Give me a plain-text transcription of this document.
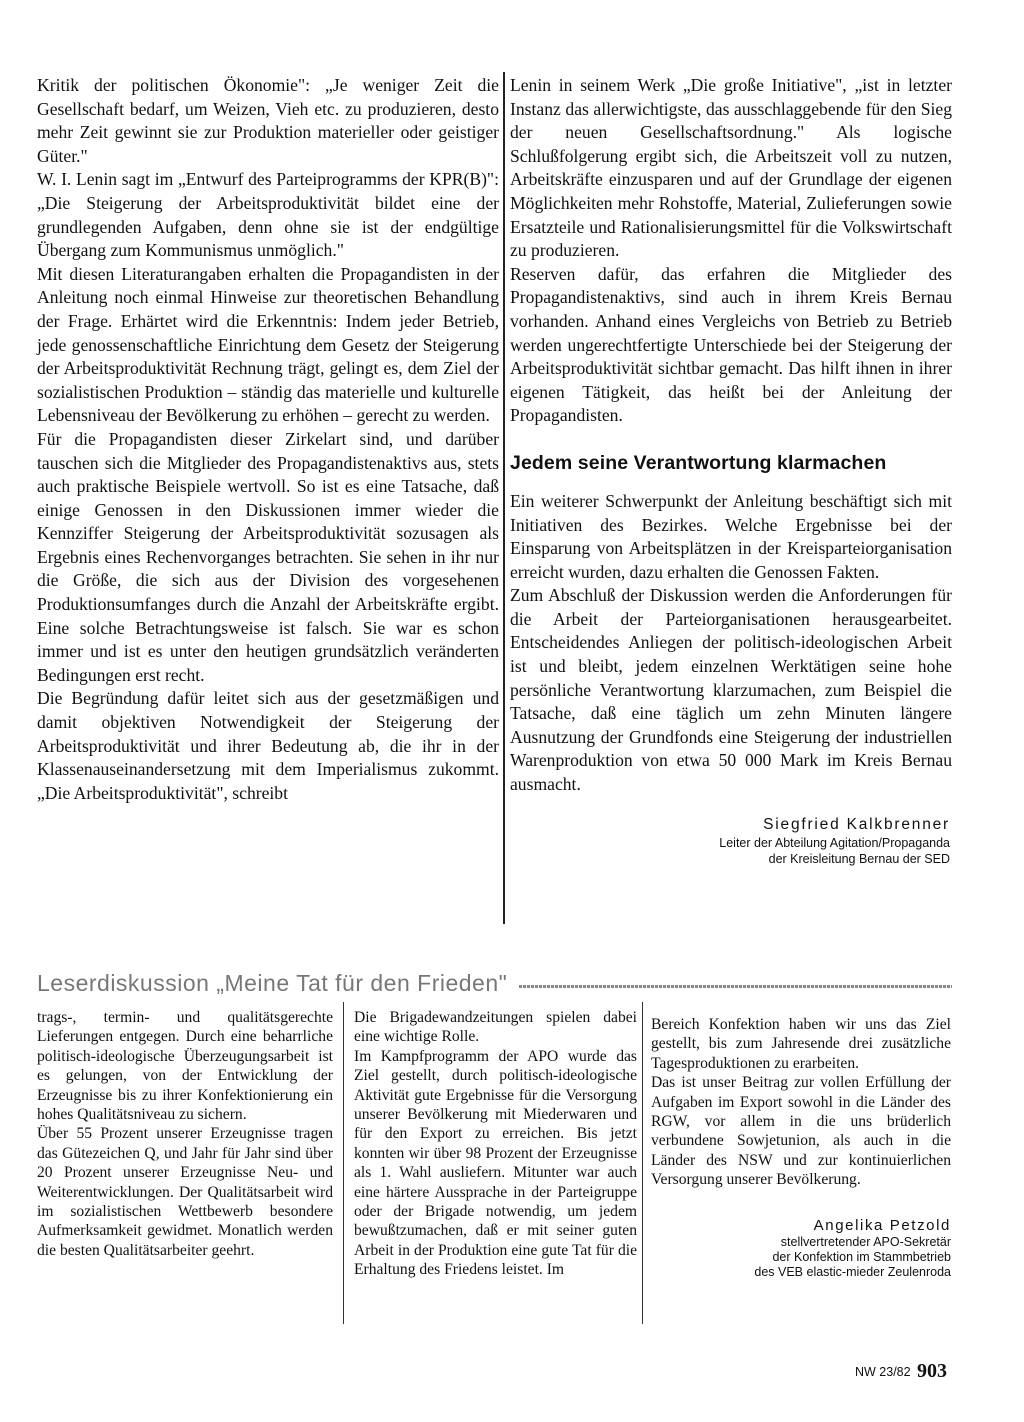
Kritik der politischen Ökonomie": „Je weniger Zeit die Gesellschaft bedarf, um Weizen, Vieh etc. zu produzieren, desto mehr Zeit gewinnt sie zur Produktion materieller oder geistiger Güter."

W. I. Lenin sagt im „Entwurf des Parteiprogramms der KPR(B)": „Die Steigerung der Arbeitsproduktivität bildet eine der grundlegenden Aufgaben, denn ohne sie ist der endgültige Übergang zum Kommunismus unmöglich."

Mit diesen Literaturangaben erhalten die Propagandisten in der Anleitung noch einmal Hinweise zur theoretischen Behandlung der Frage. Erhärtet wird die Erkenntnis: Indem jeder Betrieb, jede genossenschaftliche Einrichtung dem Gesetz der Steigerung der Arbeitsproduktivität Rechnung trägt, gelingt es, dem Ziel der sozialistischen Produktion – ständig das materielle und kulturelle Lebensniveau der Bevölkerung zu erhöhen – gerecht zu werden.

Für die Propagandisten dieser Zirkelart sind, und darüber tauschen sich die Mitglieder des Propagandistenaktivs aus, stets auch praktische Beispiele wertvoll. So ist es eine Tatsache, daß einige Genossen in den Diskussionen immer wieder die Kennziffer Steigerung der Arbeitsproduktivität sozusagen als Ergebnis eines Rechenvorganges betrachten. Sie sehen in ihr nur die Größe, die sich aus der Division des vorgesehenen Produktionsumfanges durch die Anzahl der Arbeitskräfte ergibt. Eine solche Betrachtungsweise ist falsch. Sie war es schon immer und ist es unter den heutigen grundsätzlich veränderten Bedingungen erst recht.

Die Begründung dafür leitet sich aus der gesetzmäßigen und damit objektiven Notwendigkeit der Steigerung der Arbeitsproduktivität und ihrer Bedeutung ab, die ihr in der Klassenauseinandersetzung mit dem Imperialismus zukommt. „Die Arbeitsproduktivität", schreibt

Lenin in seinem Werk „Die große Initiative", „ist in letzter Instanz das allerwichtigste, das ausschlaggebende für den Sieg der neuen Gesellschaftsordnung." Als logische Schlußfolgerung ergibt sich, die Arbeitszeit voll zu nutzen, Arbeitskräfte einzusparen und auf der Grundlage der eigenen Möglichkeiten mehr Rohstoffe, Material, Zulieferungen sowie Ersatzteile und Rationalisierungsmittel für die Volkswirtschaft zu produzieren.

Reserven dafür, das erfahren die Mitglieder des Propagandistenaktivs, sind auch in ihrem Kreis Bernau vorhanden. Anhand eines Vergleichs von Betrieb zu Betrieb werden ungerechtfertigte Unterschiede bei der Steigerung der Arbeitsproduktivität sichtbar gemacht. Das hilft ihnen in ihrer eigenen Tätigkeit, das heißt bei der Anleitung der Propagandisten.

Jedem seine Verantwortung klarmachen

Ein weiterer Schwerpunkt der Anleitung beschäftigt sich mit Initiativen des Bezirkes. Welche Ergebnisse bei der Einsparung von Arbeitsplätzen in der Kreisparteiorganisation erreicht wurden, dazu erhalten die Genossen Fakten.

Zum Abschluß der Diskussion werden die Anforderungen für die Arbeit der Parteiorganisationen herausgearbeitet. Entscheidendes Anliegen der politisch-ideologischen Arbeit ist und bleibt, jedem einzelnen Werktätigen seine hohe persönliche Verantwortung klarzumachen, zum Beispiel die Tatsache, daß eine täglich um zehn Minuten längere Ausnutzung der Grundfonds eine Steigerung der industriellen Warenproduktion von etwa 50 000 Mark im Kreis Bernau ausmacht.

Siegfried Kalkbrenner
Leiter der Abteilung Agitation/Propaganda
der Kreisleitung Bernau der SED
Leserdiskussion „Meine Tat für den Frieden"

trags-, termin- und qualitätsgerechte Lieferungen entgegen. Durch eine beharrliche politisch-ideologische Überzeugungsarbeit ist es gelungen, von der Entwicklung der Erzeugnisse bis zu ihrer Konfektionierung ein hohes Qualitätsniveau zu sichern.

Über 55 Prozent unserer Erzeugnisse tragen das Gütezeichen Q, und Jahr für Jahr sind über 20 Prozent unserer Erzeugnisse Neu- und Weiterentwicklungen. Der Qualitätsarbeit wird im sozialistischen Wettbewerb besondere Aufmerksamkeit gewidmet. Monatlich werden die besten Qualitätsarbeiter geehrt.

Die Brigadewandzeitungen spielen dabei eine wichtige Rolle.

Im Kampfprogramm der APO wurde das Ziel gestellt, durch politisch-ideologische Aktivität gute Ergebnisse für die Versorgung unserer Bevölkerung mit Miederwaren und für den Export zu erreichen. Bis jetzt konnten wir über 98 Prozent der Erzeugnisse als 1. Wahl ausliefern. Mitunter war auch eine härtere Aussprache in der Parteigruppe oder der Brigade notwendig, um jedem bewußtzumachen, daß er mit seiner guten Arbeit in der Produktion eine gute Tat für die Erhaltung des Friedens leistet. Im

Bereich Konfektion haben wir uns das Ziel gestellt, bis zum Jahresende drei zusätzliche Tagesproduktionen zu erarbeiten.

Das ist unser Beitrag zur vollen Erfüllung der Aufgaben im Export sowohl in die Länder des RGW, vor allem in die uns brüderlich verbundene Sowjetunion, als auch in die Länder des NSW und zur kontinuierlichen Versorgung unserer Bevölkerung.

Angelika Petzold
stellvertretender APO-Sekretär
der Konfektion im Stammbetrieb
des VEB elastic-mieder Zeulenroda
NW 23/82 903
